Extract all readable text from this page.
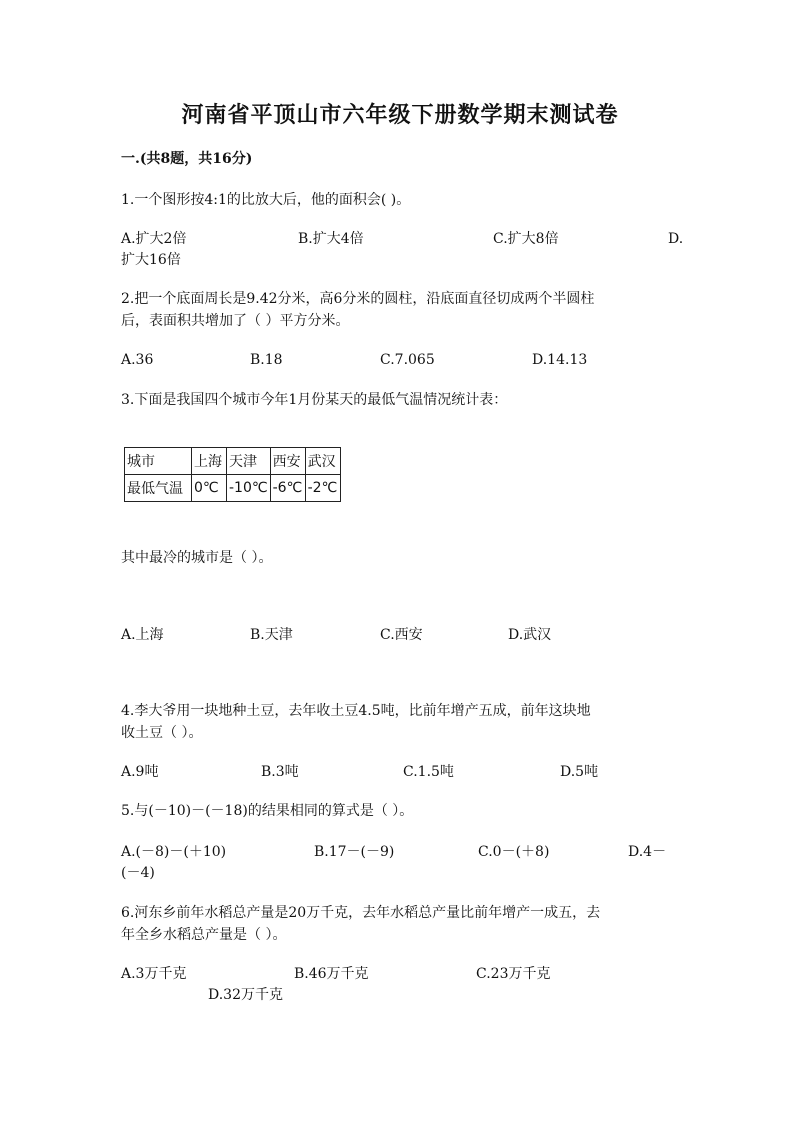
河南省平顶山市六年级下册数学期末测试卷
一.(共8题，共16分)
1.一个图形按4:1的比放大后，他的面积会( )。
A.扩大2倍	B.扩大4倍	C.扩大8倍	D.
扩大16倍
2.把一个底面周长是9.42分米，高6分米的圆柱，沿底面直径切成两个半圆柱
后，表面积共增加了（ ）平方分米。
A.36	B.18	C.7.065	D.14.13
3.下面是我国四个城市今年1月份某天的最低气温情况统计表：
城市	上海	天津	西安	武汉
最低气温	0℃	-10℃	-6℃	-2℃
其中最冷的城市是（ ）。
A.上海	B.天津	C.西安	D.武汉
4.李大爷用一块地种土豆，去年收土豆4.5吨，比前年增产五成，前年这块地
收土豆（ ）。
A.9吨	B.3吨	C.1.5吨	D.5吨
5.与(－10)－(－18)的结果相同的算式是（ ）。
A.(－8)－(＋10)	B.17－(－9)	C.0－(＋8)	D.4－
(－4)
6.河东乡前年水稻总产量是20万千克，去年水稻总产量比前年增产一成五，去
年全乡水稻总产量是（ ）。
A.3万千克	B.46万千克	C.23万千克
D.32万千克
